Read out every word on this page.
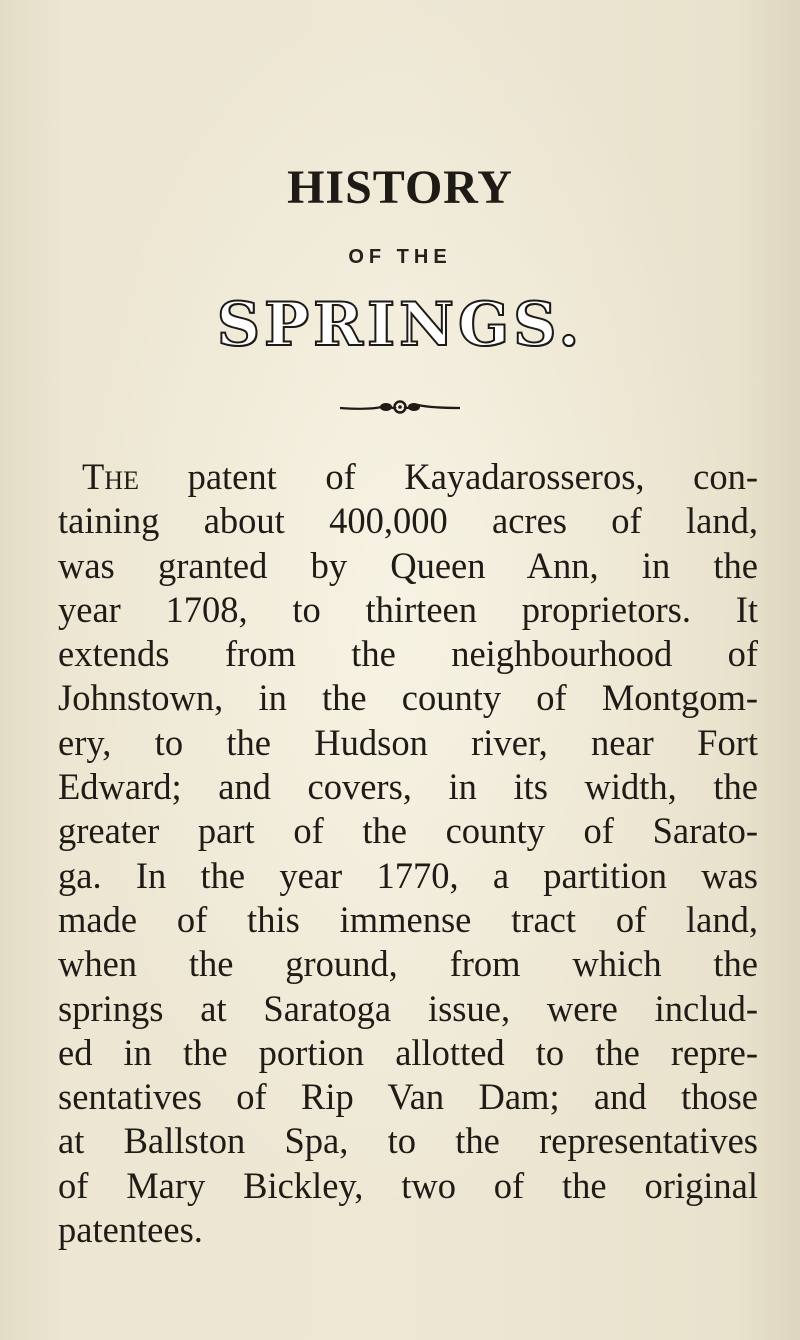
HISTORY
OF THE
SPRINGS.

The patent of Kayadarosseros, con-
taining about 400,000 acres of land,
was granted by Queen Ann, in the
year 1708, to thirteen proprietors. It
extends from the neighbourhood of
Johnstown, in the county of Montgom-
ery, to the Hudson river, near Fort
Edward; and covers, in its width, the
greater part of the county of Sarato-
ga. In the year 1770, a partition was
made of this immense tract of land,
when the ground, from which the
springs at Saratoga issue, were includ-
ed in the portion allotted to the repre-
sentatives of Rip Van Dam; and those
at Ballston Spa, to the representatives
of Mary Bickley, two of the original
patentees.
